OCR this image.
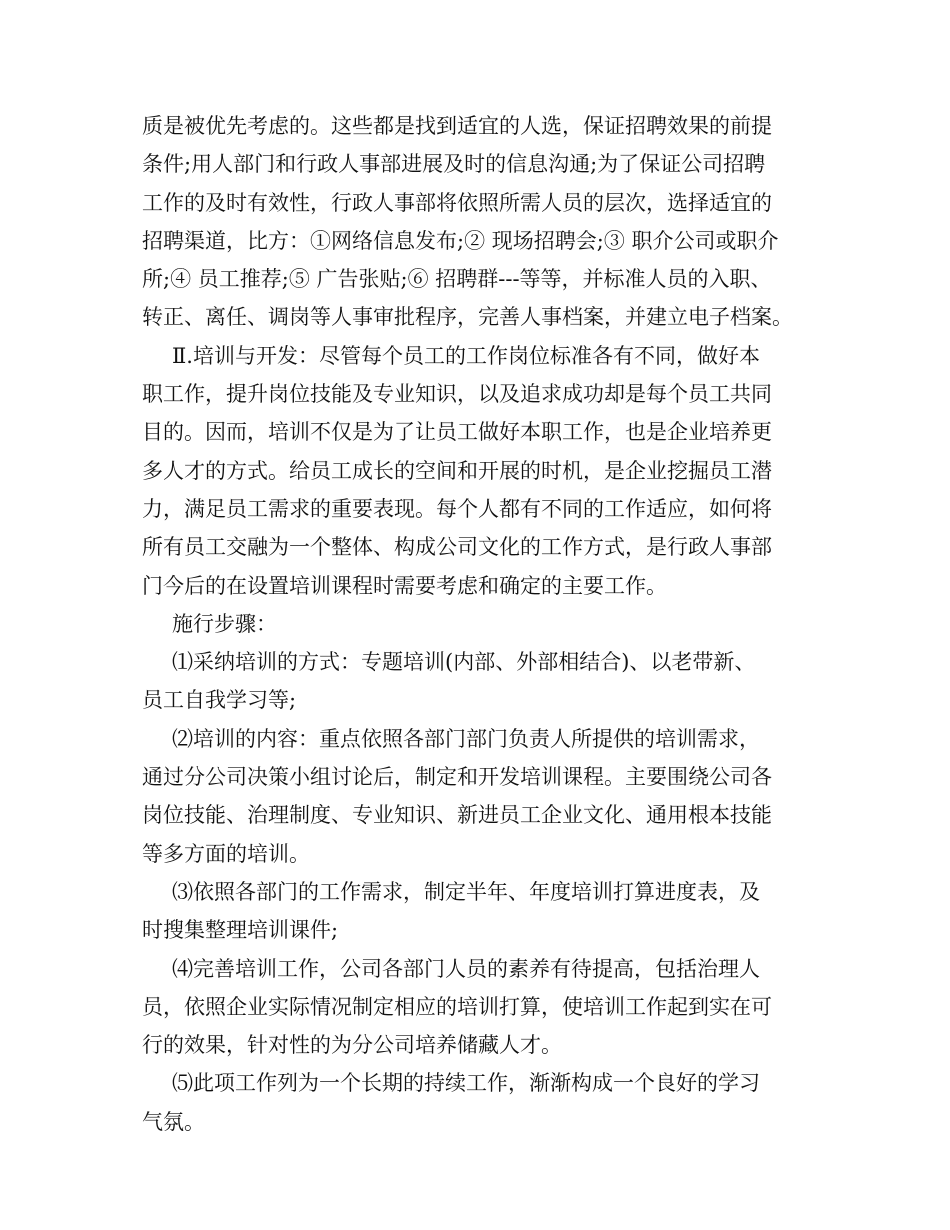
质是被优先考虑的。这些都是找到适宜的人选，保证招聘效果的前提
条件;用人部门和行政人事部进展及时的信息沟通;为了保证公司招聘
工作的及时有效性，行政人事部将依照所需人员的层次，选择适宜的
招聘渠道，比方：①网络信息发布;② 现场招聘会;③ 职介公司或职介
所;④ 员工推荐;⑤ 广告张贴;⑥ 招聘群---等等，并标准人员的入职、
转正、离任、调岗等人事审批程序，完善人事档案，并建立电子档案。
Ⅱ.培训与开发：尽管每个员工的工作岗位标准各有不同，做好本
职工作，提升岗位技能及专业知识，以及追求成功却是每个员工共同
目的。因而，培训不仅是为了让员工做好本职工作，也是企业培养更
多人才的方式。给员工成长的空间和开展的时机，是企业挖掘员工潜
力，满足员工需求的重要表现。每个人都有不同的工作适应，如何将
所有员工交融为一个整体、构成公司文化的工作方式，是行政人事部
门今后的在设置培训课程时需要考虑和确定的主要工作。
施行步骤：
⑴采纳培训的方式：专题培训(内部、外部相结合)、以老带新、
员工自我学习等;
⑵培训的内容：重点依照各部门部门负责人所提供的培训需求，
通过分公司决策小组讨论后，制定和开发培训课程。主要围绕公司各
岗位技能、治理制度、专业知识、新进员工企业文化、通用根本技能
等多方面的培训。
⑶依照各部门的工作需求，制定半年、年度培训打算进度表，及
时搜集整理培训课件;
⑷完善培训工作，公司各部门人员的素养有待提高，包括治理人
员，依照企业实际情况制定相应的培训打算，使培训工作起到实在可
行的效果，针对性的为分公司培养储藏人才。
⑸此项工作列为一个长期的持续工作，渐渐构成一个良好的学习
气氛。
